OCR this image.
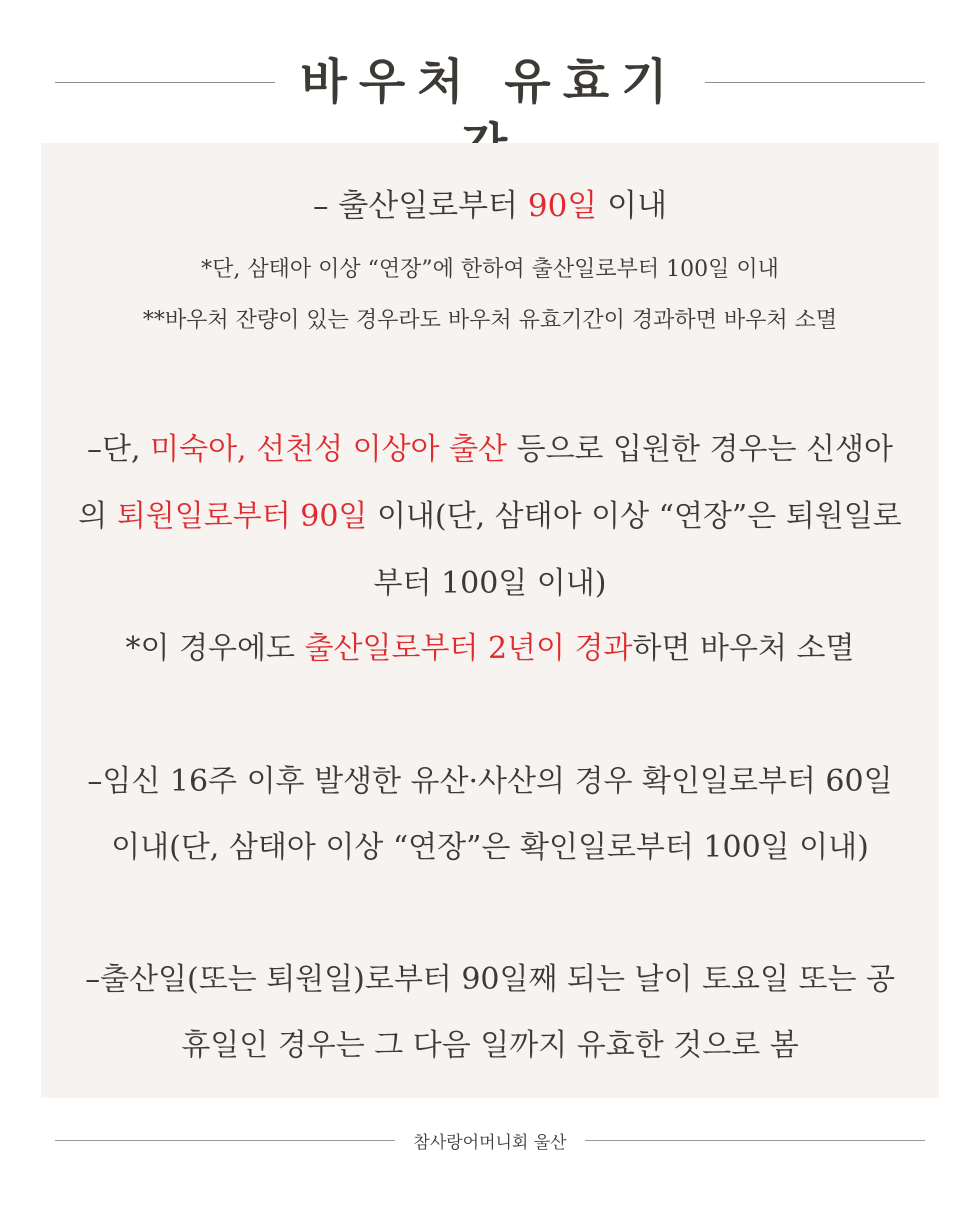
바우처 유효기
– 출산일로부터 90일 이내
*단, 삼태아 이상 “연장”에 한하여 출산일로부터 100일 이내
**바우처 잔량이 있는 경우라도 바우처 유효기간이 경과하면 바우처 소멸
–단, 미숙아, 선천성 이상아 출산 등으로 입원한 경우는 신생아
의 퇴원일로부터 90일 이내(단, 삼태아 이상 “연장”은 퇴원일로
부터 100일 이내)
*이 경우에도 출산일로부터 2년이 경과하면 바우처 소멸
–임신 16주 이후 발생한 유산·사산의 경우 확인일로부터 60일
이내(단, 삼태아 이상 “연장”은 확인일로부터 100일 이내)
–출산일(또는 퇴원일)로부터 90일째 되는 날이 토요일 또는 공
휴일인 경우는 그 다음 일까지 유효한 것으로 봄
참사랑어머니회 울산
